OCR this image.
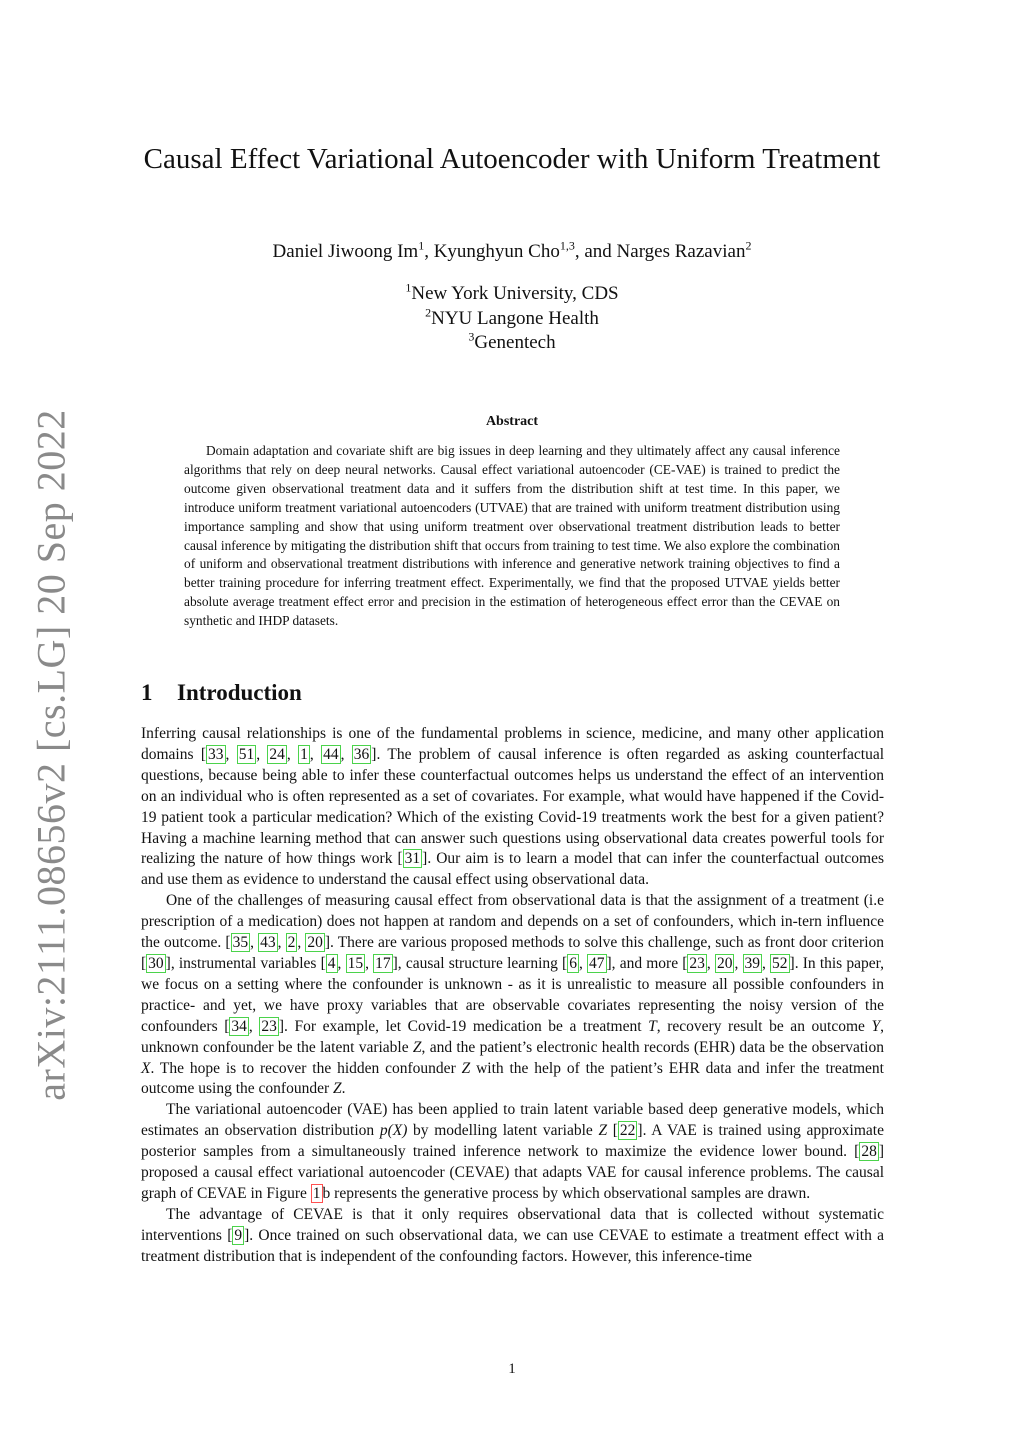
arXiv:2111.08656v2 [cs.LG] 20 Sep 2022
Causal Effect Variational Autoencoder with Uniform Treatment
Daniel Jiwoong Im$^1$, Kyunghyun Cho$^{1,3}$, and Narges Razavian$^2$
$^1$New York University, CDS
$^2$NYU Langone Health
$^3$Genentech
Abstract

Domain adaptation and covariate shift are big issues in deep learning and they ultimately affect any causal inference algorithms that rely on deep neural networks. Causal effect variational autoencoder (CE-VAE) is trained to predict the outcome given observational treatment data and it suffers from the distribution shift at test time. In this paper, we introduce uniform treatment variational autoencoders (UTVAE) that are trained with uniform treatment distribution using importance sampling and show that using uniform treatment over observational treatment distribution leads to better causal inference by mitigating the distribution shift that occurs from training to test time. We also explore the combination of uniform and observational treatment distributions with inference and generative network training objectives to find a better training procedure for inferring treatment effect. Experimentally, we find that the proposed UTVAE yields better absolute average treatment effect error and precision in the estimation of heterogeneous effect error than the CEVAE on synthetic and IHDP datasets.

1 Introduction

Inferring causal relationships is one of the fundamental problems in science, medicine, and many other application domains [ 33 , 51 , 24 , 1 , 44 , 36 ]. The problem of causal inference is often regarded as asking counterfactual questions, because being able to infer these counterfactual outcomes helps us understand the effect of an intervention on an individual who is often represented as a set of covariates. For example, what would have happened if the Covid-19 patient took a particular medication? Which of the existing Covid-19 treatments work the best for a given patient? Having a machine learning method that can answer such questions using observational data creates powerful tools for realizing the nature of how things work [ 31 ]. Our aim is to learn a model that can infer the counterfactual outcomes and use them as evidence to understand the causal effect using observational data.

One of the challenges of measuring causal effect from observational data is that the assignment of a treatment (i.e prescription of a medication) does not happen at random and depends on a set of confounders, which in-tern influence the outcome. [ 35 , 43 , 2 , 20 ]. There are various proposed methods to solve this challenge, such as front door criterion [ 30 ], instrumental variables [ 4 , 15 , 17 ], causal structure learning [ 6 , 47 ], and more [ 23 , 20 , 39 , 52 ]. In this paper, we focus on a setting where the confounder is unknown - as it is unrealistic to measure all possible confounders in practice- and yet, we have proxy variables that are observable covariates representing the noisy version of the confounders [ 34 , 23 ]. For example, let Covid-19 medication be a treatment T, recovery result be an outcome Y, unknown confounder be the latent variable Z, and the patient’s electronic health records (EHR) data be the observation X. The hope is to recover the hidden confounder Z with the help of the patient’s EHR data and infer the treatment outcome using the confounder Z.

The variational autoencoder (VAE) has been applied to train latent variable based deep generative models, which estimates an observation distribution p(X) by modelling latent variable Z [ 22 ]. A VAE is trained using approximate posterior samples from a simultaneously trained inference network to maximize the evidence lower bound. [ 28 ] proposed a causal effect variational autoencoder (CEVAE) that adapts VAE for causal inference problems. The causal graph of CEVAE in Figure 1 b represents the generative process by which observational samples are drawn.

The advantage of CEVAE is that it only requires observational data that is collected without systematic interventions [ 9 ]. Once trained on such observational data, we can use CEVAE to estimate a treatment effect with a treatment distribution that is independent of the confounding factors. However, this inference-time

1
